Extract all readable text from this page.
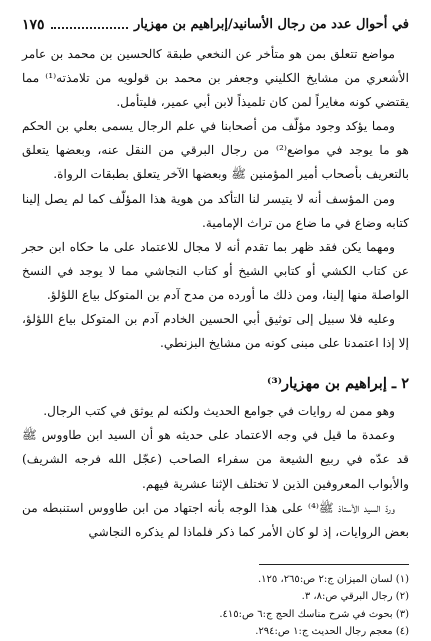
في أحوال عدد من رجال الأسانيد/إبراهيم بن مهزيار
١٧٥

مواضع تتعلق بمن هو متأخر عن النخعي طبقة كالحسين بن محمد بن عامر الأشعري من مشايخ الكليني وجعفر بن محمد بن قولويه من تلامذته⁽¹⁾ مما يقتضي كونه مغايراً لمن كان تلميذاً لابن أبي عمير، فليتأمل.

ومما يؤكد وجود مؤلّف من أصحابنا في علم الرجال يسمى بعلي بن الحكم هو ما يوجد في مواضع⁽²⁾ من رجال البرقي من النقل عنه، وبعضها يتعلق بالتعريف بأصحاب أمير المؤمنين ﷺ وبعضها الآخر يتعلق بطبقات الرواة.

ومن المؤسف أنه لا يتيسر لنا التأكد من هوية هذا المؤلّف كما لم يصل إلينا كتابه وضاع في ما ضاع من تراث الإمامية.

ومهما يكن فقد ظهر بما تقدم أنه لا مجال للاعتماد على ما حكاه ابن حجر عن كتاب الكشي أو كتابي الشيخ أو كتاب النجاشي مما لا يوجد في النسخ الواصلة منها إلينا، ومن ذلك ما أورده من مدح آدم بن المتوكل بياع اللؤلؤ.

وعليه فلا سبيل إلى توثيق أبي الحسين الخادم آدم بن المتوكل بياع اللؤلؤ، إلا إذا اعتمدنا على مبنى كونه من مشايخ البزنطي.

٢ ـ إبراهيم بن مهزيار⁽³⁾

وهو ممن له روايات في جوامع الحديث ولكنه لم يوثق في كتب الرجال.

وعمدة ما قيل في وجه الاعتماد على حديثه هو أن السيد ابن طاووس ﷺ قد عدّه في ربيع الشيعة من سفراء الصاحب (عجّل الله فرجه الشريف) والأبواب المعروفين الذين لا تختلف الإثنا عشرية فيهم.

وردّ السيد الأستاذ ﷺ⁽⁴⁾ على هذا الوجه بأنه اجتهاد من ابن طاووس استنبطه من بعض الروايات، إذ لو كان الأمر كما ذكر فلماذا لم يذكره النجاشي

(١) لسان الميزان ج:٢ ص:٢٦٥، ١٢٥.
(٢) رجال البرقي ص:٨، ٣.
(٣) بحوث في شرح مناسك الحج ج:٦ ص:٤١٥.
(٤) معجم رجال الحديث ج:١ ص:٢٩٤.
